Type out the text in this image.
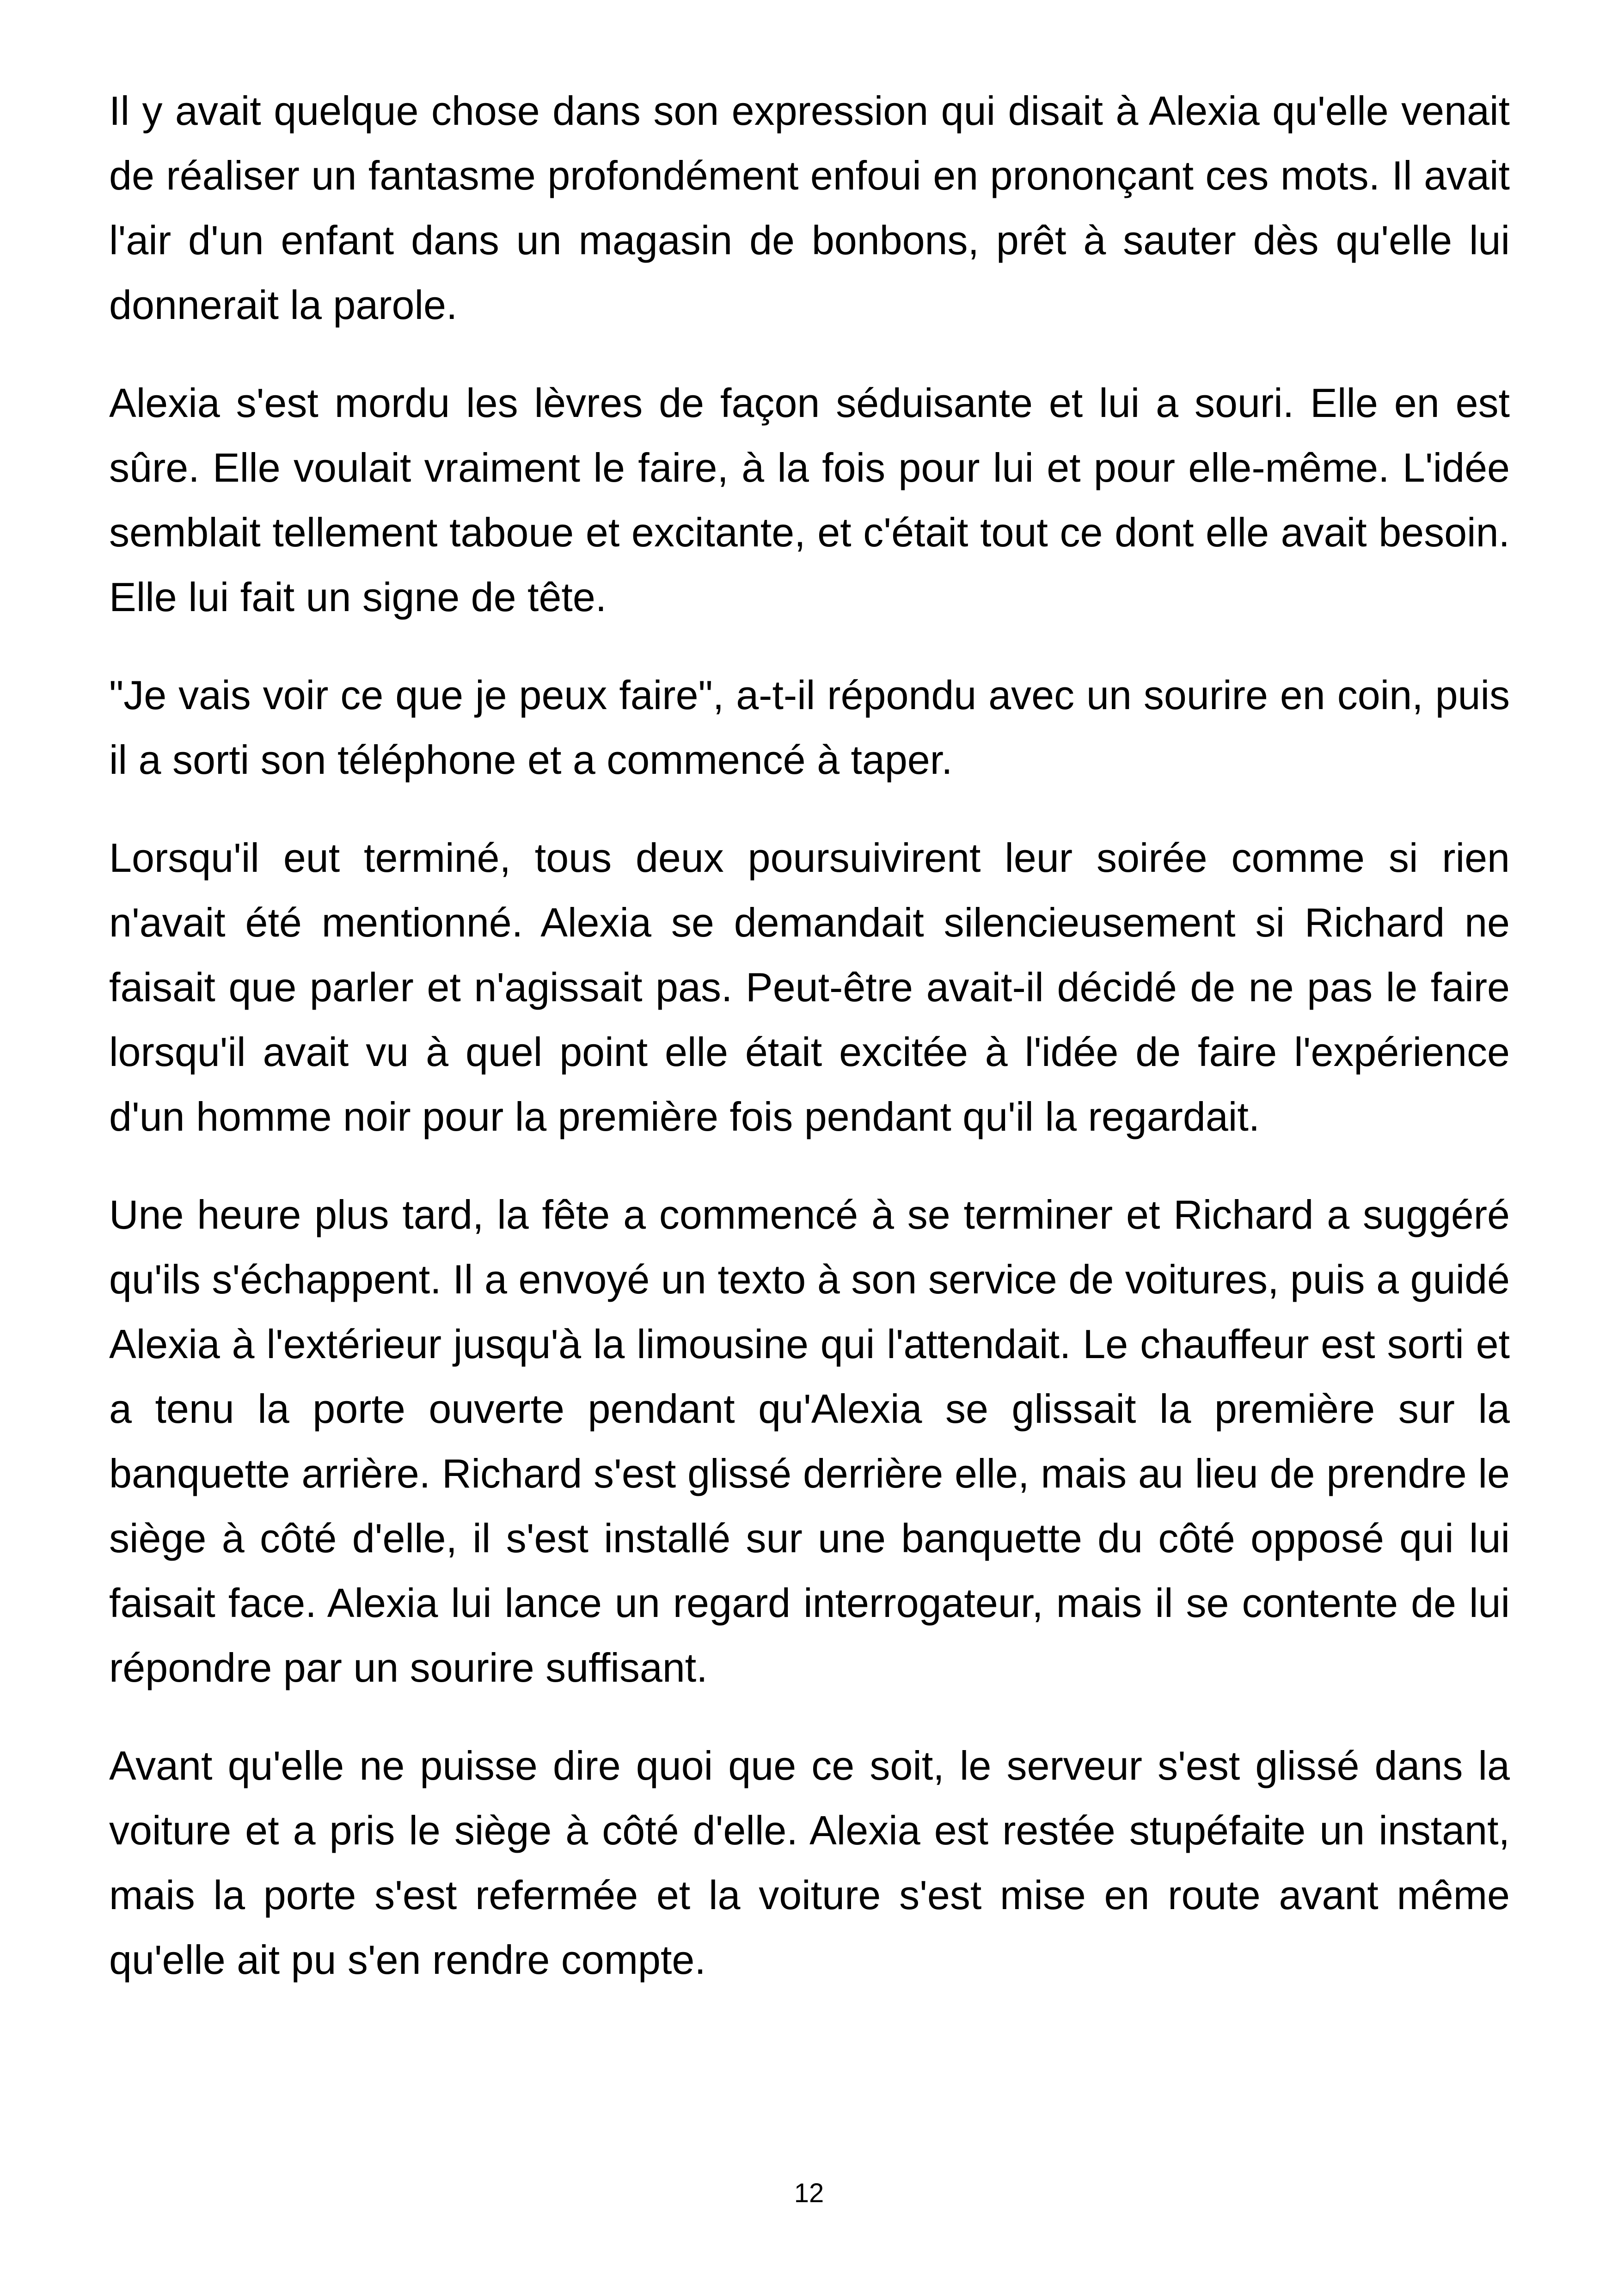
Il y avait quelque chose dans son expression qui disait à Alexia qu'elle venait de réaliser un fantasme profondément enfoui en prononçant ces mots. Il avait l'air d'un enfant dans un magasin de bonbons, prêt à sauter dès qu'elle lui donnerait la parole.

Alexia s'est mordu les lèvres de façon séduisante et lui a souri. Elle en est sûre. Elle voulait vraiment le faire, à la fois pour lui et pour elle-même. L'idée semblait tellement taboue et excitante, et c'était tout ce dont elle avait besoin. Elle lui fait un signe de tête.

"Je vais voir ce que je peux faire", a-t-il répondu avec un sourire en coin, puis il a sorti son téléphone et a commencé à taper.

Lorsqu'il eut terminé, tous deux poursuivirent leur soirée comme si rien n'avait été mentionné. Alexia se demandait silencieusement si Richard ne faisait que parler et n'agissait pas. Peut-être avait-il décidé de ne pas le faire lorsqu'il avait vu à quel point elle était excitée à l'idée de faire l'expérience d'un homme noir pour la première fois pendant qu'il la regardait.

Une heure plus tard, la fête a commencé à se terminer et Richard a suggéré qu'ils s'échappent. Il a envoyé un texto à son service de voitures, puis a guidé Alexia à l'extérieur jusqu'à la limousine qui l'attendait. Le chauffeur est sorti et a tenu la porte ouverte pendant qu'Alexia se glissait la première sur la banquette arrière. Richard s'est glissé derrière elle, mais au lieu de prendre le siège à côté d'elle, il s'est installé sur une banquette du côté opposé qui lui faisait face. Alexia lui lance un regard interrogateur, mais il se contente de lui répondre par un sourire suffisant.

Avant qu'elle ne puisse dire quoi que ce soit, le serveur s'est glissé dans la voiture et a pris le siège à côté d'elle. Alexia est restée stupéfaite un instant, mais la porte s'est refermée et la voiture s'est mise en route avant même qu'elle ait pu s'en rendre compte.

12
